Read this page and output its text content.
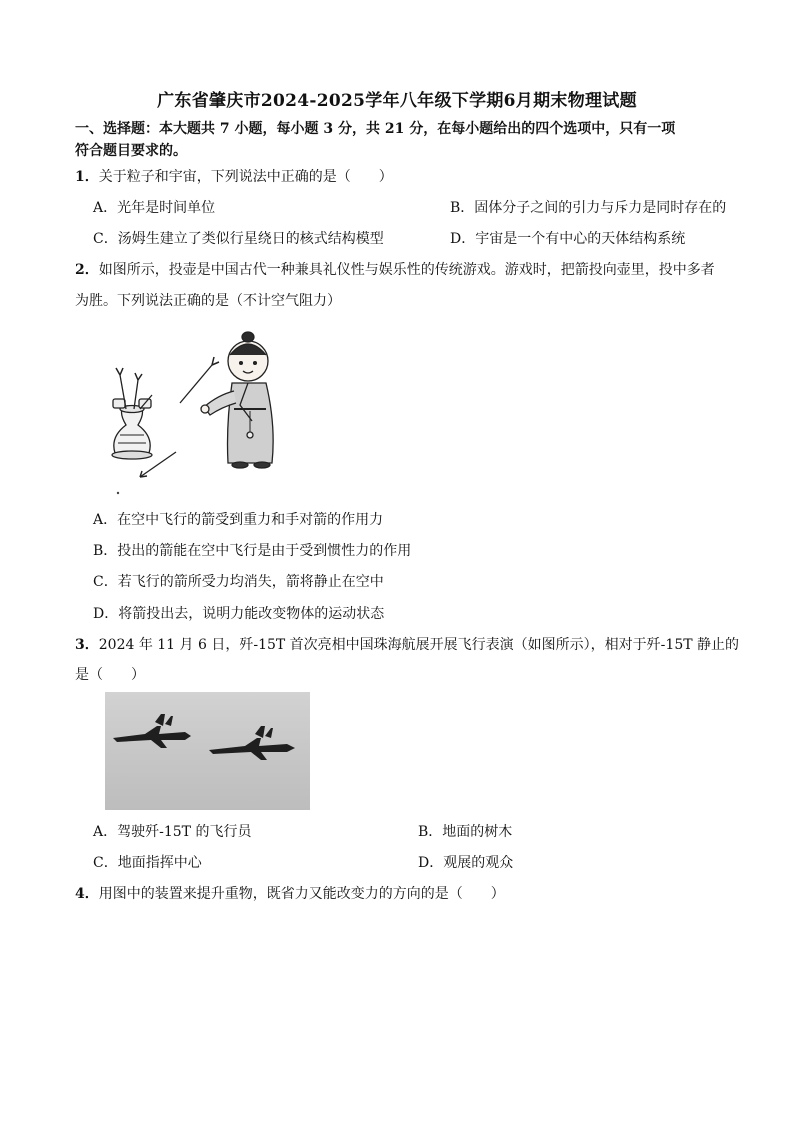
广东省肇庆市2024-2025学年八年级下学期6月期末物理试题
一、选择题：本大题共 7 小题，每小题 3 分，共 21 分，在每小题给出的四个选项中，只有一项
符合题目要求的。
1．关于粒子和宇宙，下列说法中正确的是（　　）
A．光年是时间单位	B．固体分子之间的引力与斥力是同时存在的
C．汤姆生建立了类似行星绕日的核式结构模型	D．宇宙是一个有中心的天体结构系统
2．如图所示，投壶是中国古代一种兼具礼仪性与娱乐性的传统游戏。游戏时，把箭投向壶里，投中多者
为胜。下列说法正确的是（不计空气阻力）
A．在空中飞行的箭受到重力和手对箭的作用力
B．投出的箭能在空中飞行是由于受到惯性力的作用
C．若飞行的箭所受力均消失，箭将静止在空中
D．将箭投出去，说明力能改变物体的运动状态
3．2024 年 11 月 6 日，歼-15T 首次亮相中国珠海航展开展飞行表演（如图所示），相对于歼-15T 静止的
是（　　）
A．驾驶歼-15T 的飞行员	B．地面的树木
C．地面指挥中心	D．观展的观众
4．用图中的装置来提升重物，既省力又能改变力的方向的是（　　）
